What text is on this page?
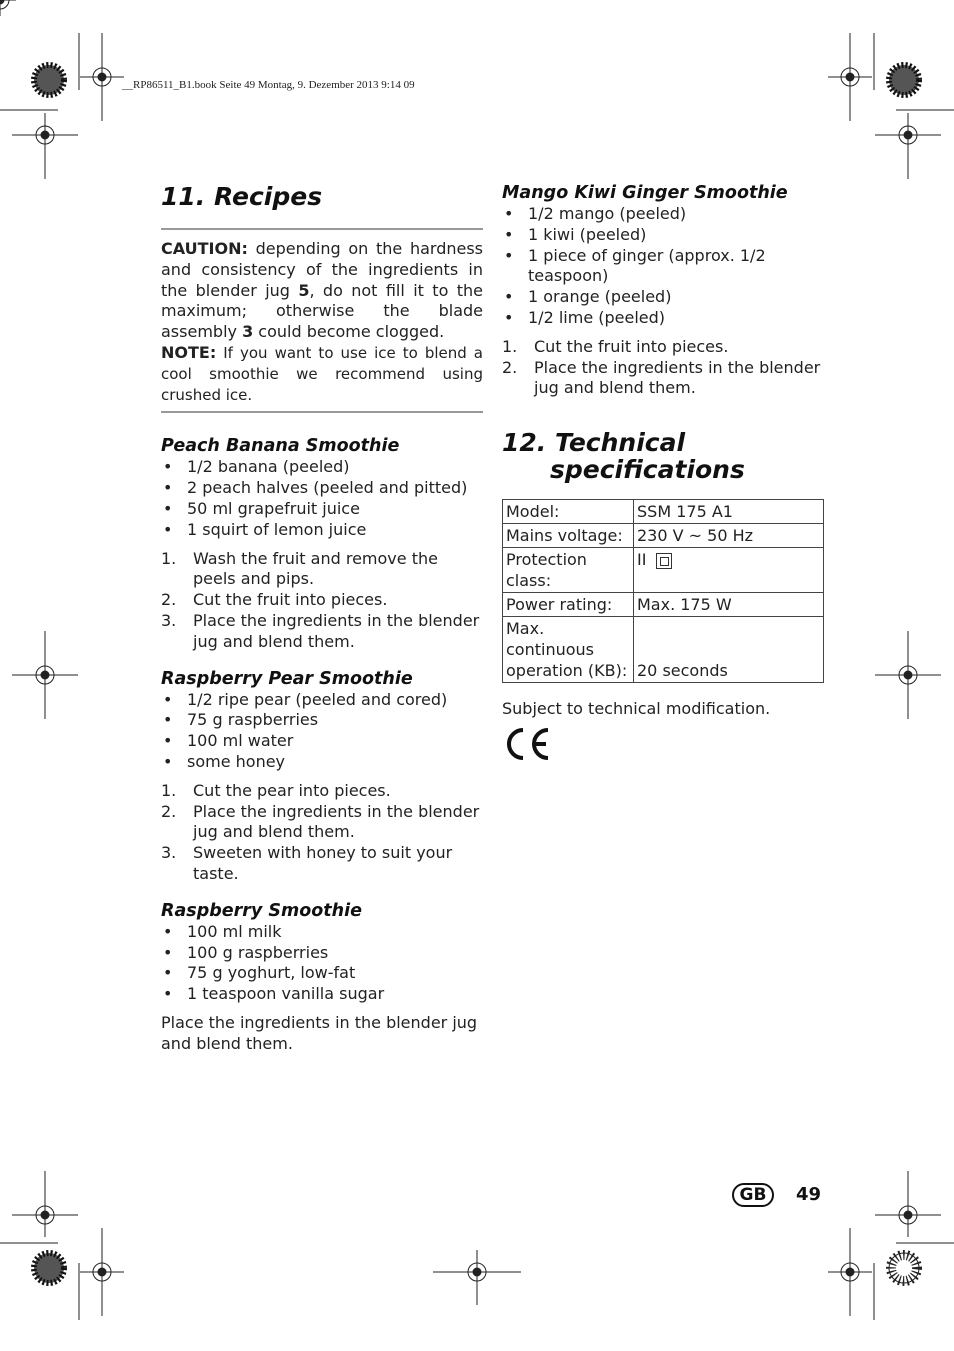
__RP86511_B1.book Seite 49 Montag, 9. Dezember 2013 9:14 09
11. Recipes

CAUTION: depending on the hardness and consistency of the ingredients in the blender jug 5, do not fill it to the maximum; otherwise the blade assembly 3 could become clogged.

NOTE: If you want to use ice to blend a cool smoothie we recommend using crushed ice.

Peach Banana Smoothie
• 1/2 banana (peeled)
• 2 peach halves (peeled and pitted)
• 50 ml grapefruit juice
• 1 squirt of lemon juice
1. Wash the fruit and remove the peels and pips.
2. Cut the fruit into pieces.
3. Place the ingredients in the blender jug and blend them.
Raspberry Pear Smoothie
• 1/2 ripe pear (peeled and cored)
• 75 g raspberries
• 100 ml water
• some honey
1. Cut the pear into pieces.
2. Place the ingredients in the blender jug and blend them.
3. Sweeten with honey to suit your taste.
Raspberry Smoothie
• 100 ml milk
• 100 g raspberries
• 75 g yoghurt, low-fat
• 1 teaspoon vanilla sugar

Place the ingredients in the blender jug and blend them.

Mango Kiwi Ginger Smoothie
• 1/2 mango (peeled)
• 1 kiwi (peeled)
• 1 piece of ginger (approx. 1/2 teaspoon)
• 1 orange (peeled)
• 1/2 lime (peeled)
1. Cut the fruit into pieces.
2. Place the ingredients in the blender jug and blend them.
12. Technical
specifications
Model:	SSM 175 A1
Mains voltage:	230 V ~ 50 Hz
Protection class:	II
Power rating:	Max. 175 W
Max. continuous operation (KB):	20 seconds

Subject to technical modification.

GB	49
